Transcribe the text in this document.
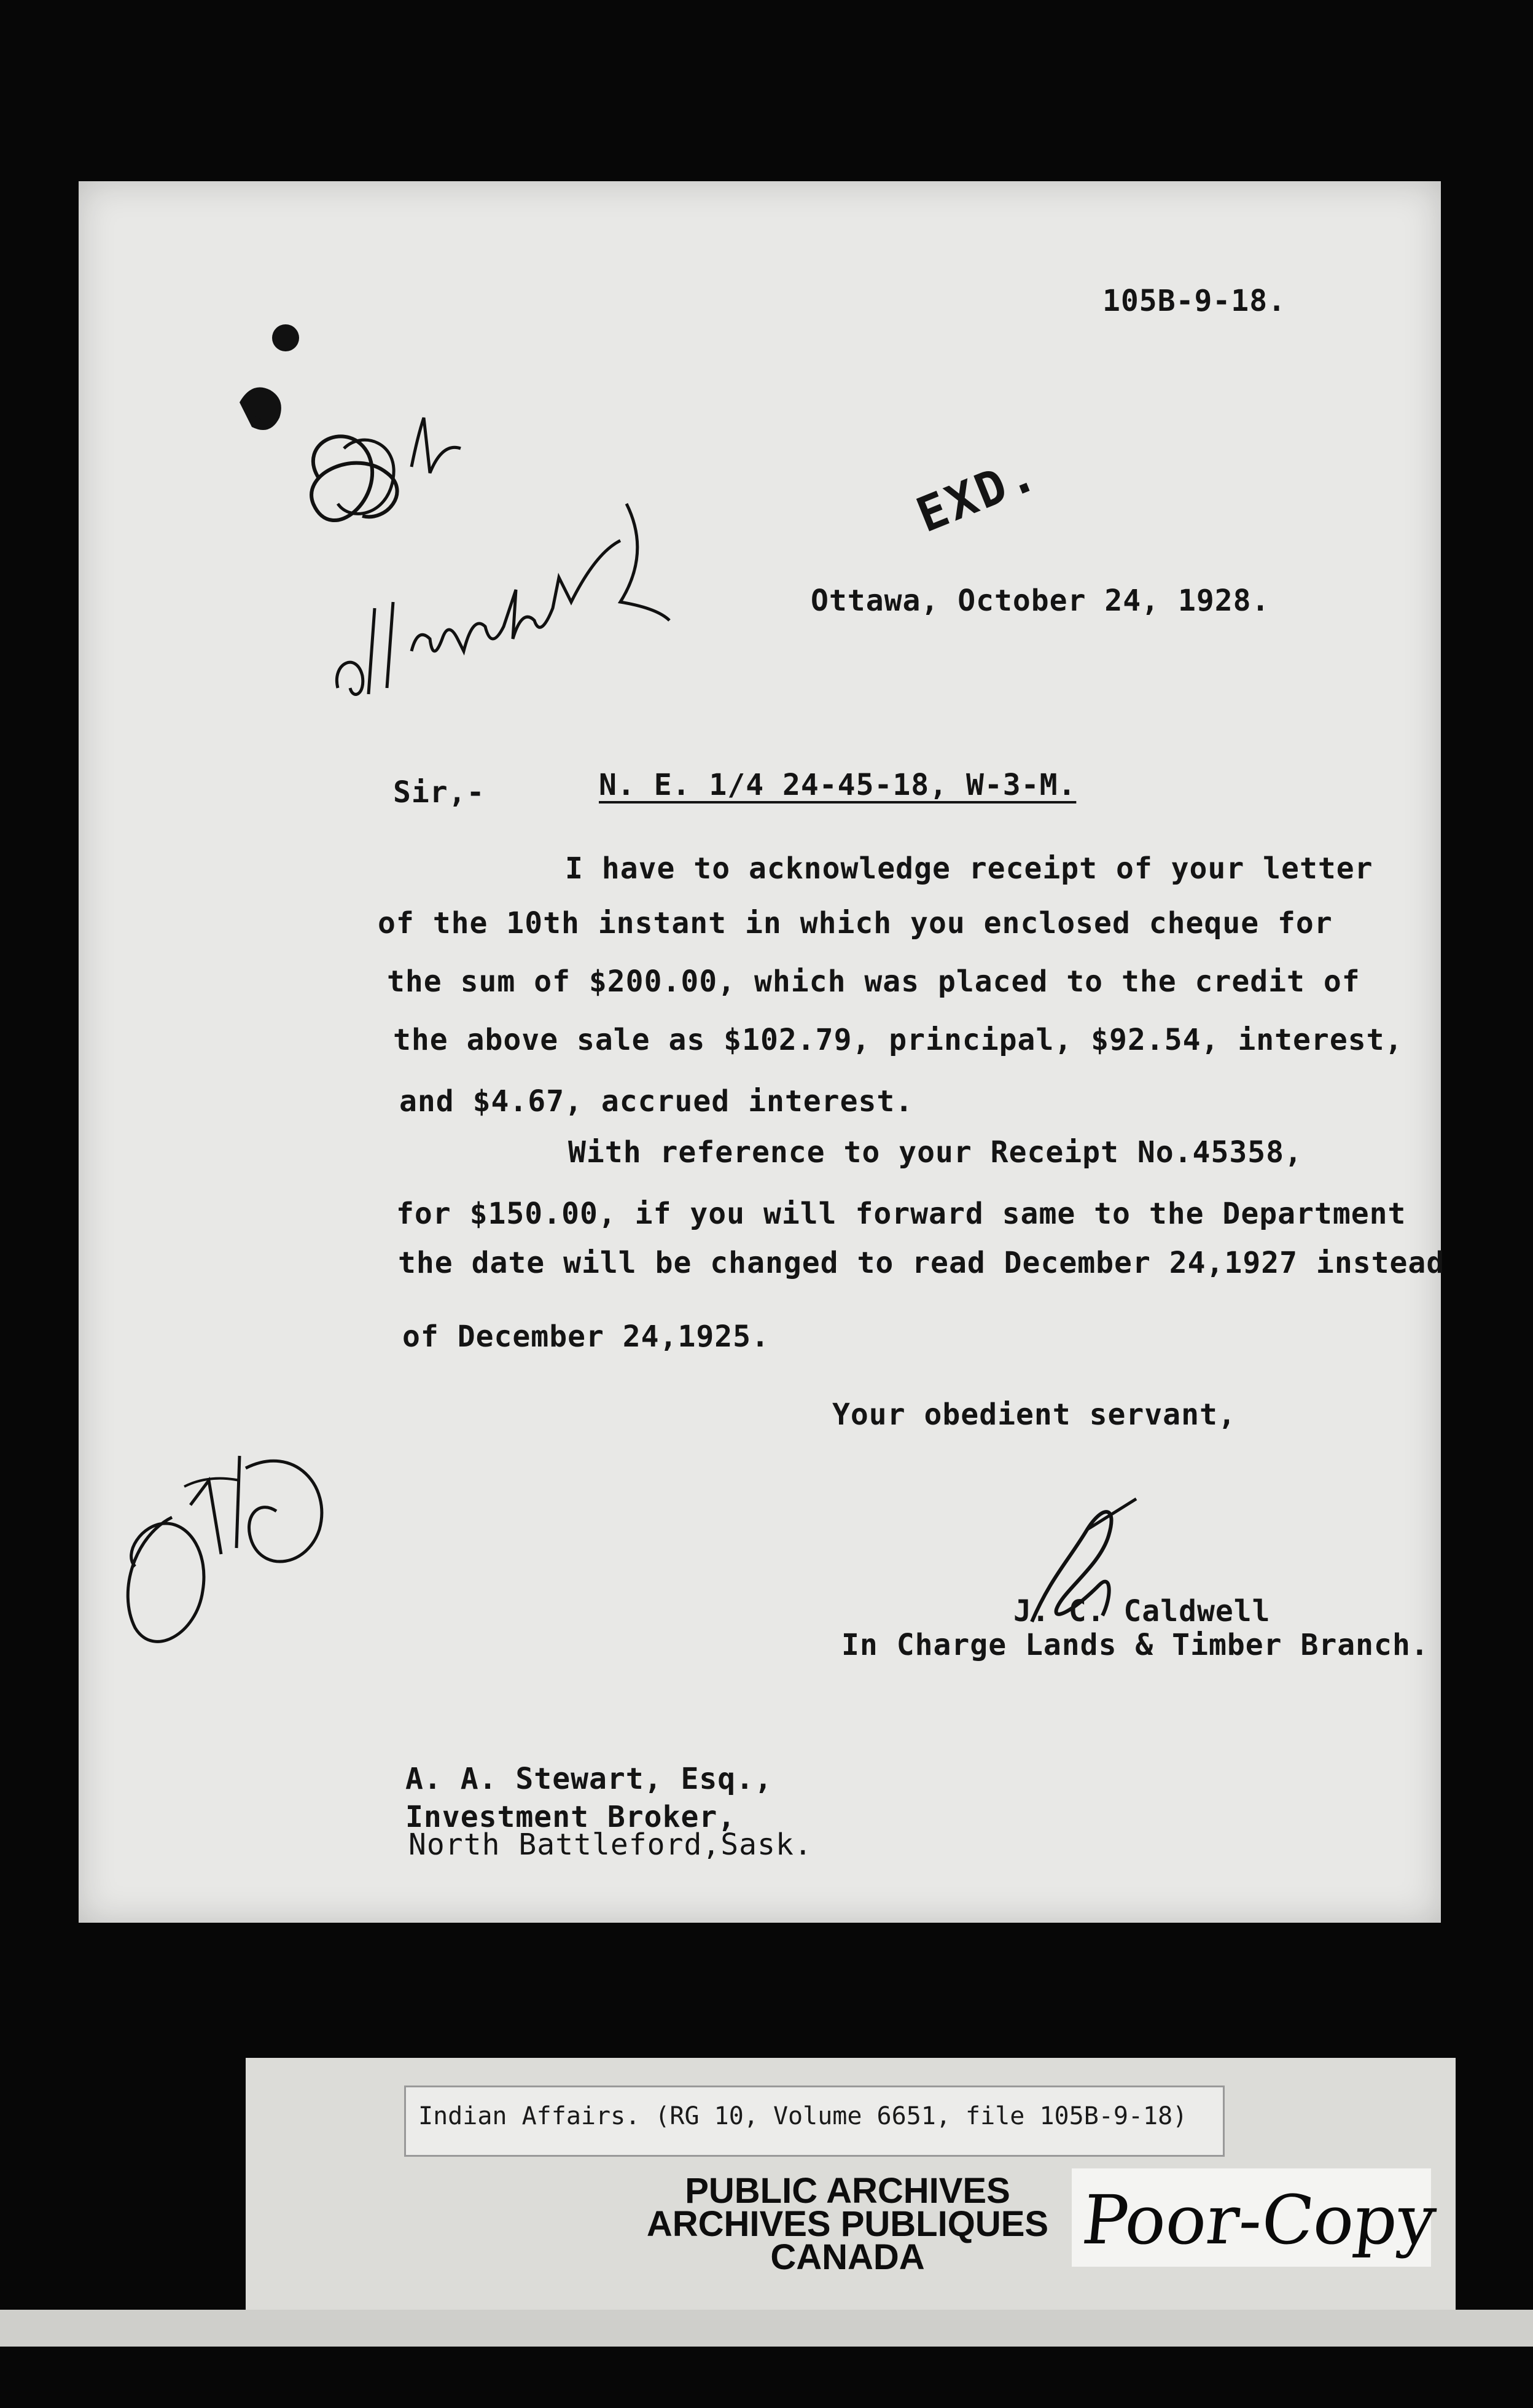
105B-9-18.
EXD.
Ottawa, October 24, 1928.
Sir,-	N. E. 1/4 24-45-18, W-3-M.
I have to acknowledge receipt of your letter
of the 10th instant in which you enclosed cheque for
the sum of $200.00, which was placed to the credit of
the above sale as $102.79, principal, $92.54, interest,
and $4.67, accrued interest.
With reference to your Receipt No.45358,
for $150.00, if you will forward same to the Department
the date will be changed to read December 24,1927 instead
of December 24,1925.
Your obedient servant,
J. C. Caldwell
In Charge Lands & Timber Branch.
A. A. Stewart, Esq.,
Investment Broker,
North Battleford,Sask.
Indian Affairs. (RG 10, Volume 6651, file 105B-9-18)
PUBLIC ARCHIVES
ARCHIVES PUBLIQUES
CANADA	Poor-Copy
